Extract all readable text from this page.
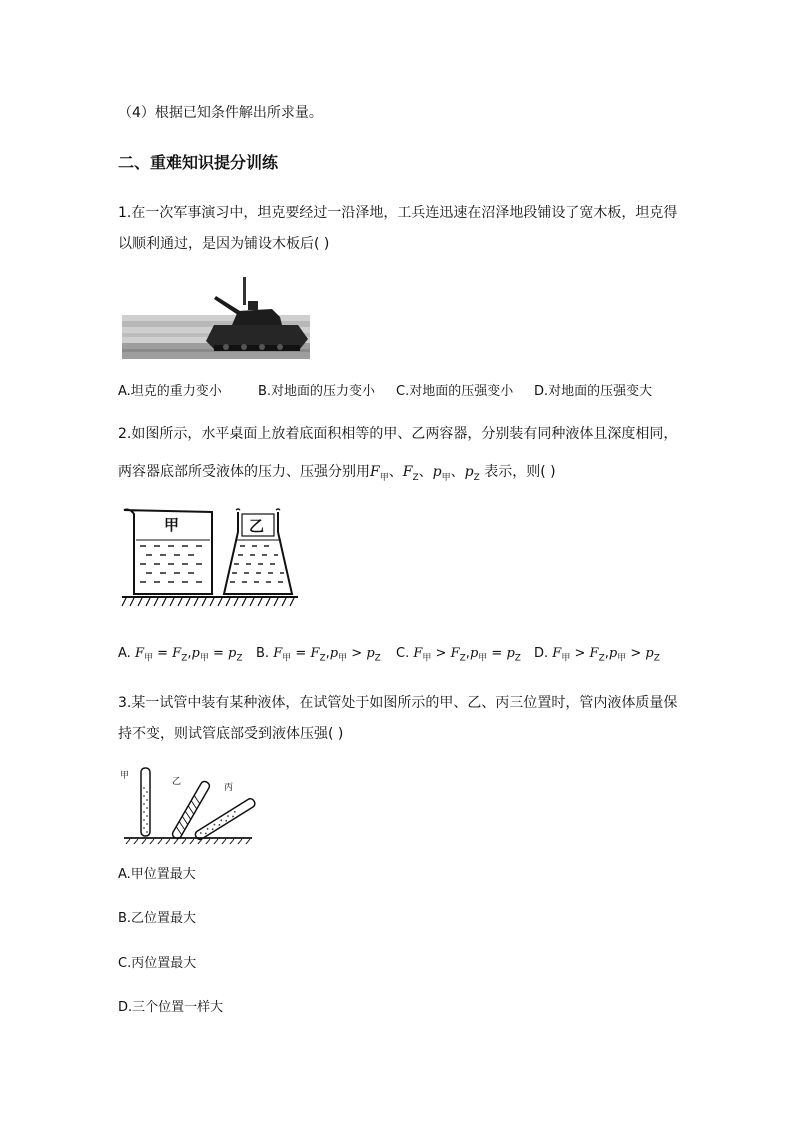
（4）根据已知条件解出所求量。
二、重难知识提分训练
1.在一次军事演习中，坦克要经过一沿泽地，工兵连迅速在沼泽地段铺设了宽木板，坦克得
以顺利通过，是因为铺设木板后( )
A.坦克的重力变小	B.对地面的压力变小 C.对地面的压强变小 D.对地面的压强变大
2.如图所示，水平桌面上放着底面积相等的甲、乙两容器，分别装有同种液体且深度相同，
两容器底部所受液体的压力、压强分别用$F_甲$、$F_Z$、$p_甲$、$p_Z$ 表示，则( )
甲	乙
A. $F_甲 = F_Z,p_甲 = p_Z$ B. $F_甲 = F_Z,p_甲 > p_Z$ C. $F_甲 > F_Z,p_甲 = p_Z$ D. $F_甲 > F_Z,p_甲 > p_Z$
3.某一试管中装有某种液体，在试管处于如图所示的甲、乙、丙三位置时，管内液体质量保
持不变，则试管底部受到液体压强( )
甲
乙
丙
A.甲位置最大
B.乙位置最大
C.丙位置最大
D.三个位置一样大
